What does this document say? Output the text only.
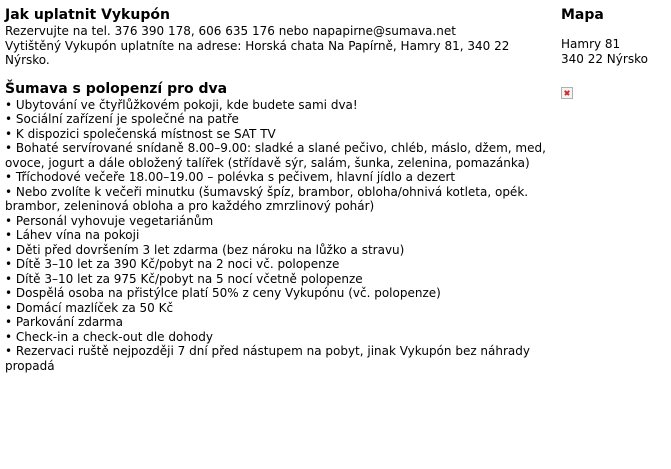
Jak uplatnit Vykupón

Rezervujte na tel. 376 390 178, 606 635 176 nebo napapirne@sumava.net

Vytištěný Vykupón uplatníte na adrese: Horská chata Na Papírně, Hamry 81, 340 22 Nýrsko.

Šumava s polopenzí pro dva
• Ubytování ve čtyřlůžkovém pokoji, kde budete sami dva!
• Sociální zařízení je společné na patře
• K dispozici společenská místnost se SAT TV
• Bohaté servírované snídaně 8.00–9.00: sladké a slané pečivo, chléb, máslo, džem, med, ovoce, jogurt a dále obložený talířek (střídavě sýr, salám, šunka, zelenina, pomazánka)
• Tříchodové večeře 18.00–19.00 – polévka s pečivem, hlavní jídlo a dezert
• Nebo zvolíte k večeři minutku (šumavský špíz, brambor, obloha/ohnivá kotleta, opék. brambor, zeleninová obloha a pro každého zmrzlinový pohár)
• Personál vyhovuje vegetariánům
• Láhev vína na pokoji
• Děti před dovršením 3 let zdarma (bez nároku na lůžko a stravu)
• Dítě 3–10 let za 390 Kč/pobyt na 2 noci vč. polopenze
• Dítě 3–10 let za 975 Kč/pobyt na 5 nocí včetně polopenze
• Dospělá osoba na přistýlce platí 50% z ceny Vykupónu (vč. polopenze)
• Domácí mazlíček za 50 Kč
• Parkování zdarma
• Check-in a check-out dle dohody
• Rezervaci ruště nejpozději 7 dní před nástupem na pobyt, jinak Vykupón bez náhrady propadá
Mapa

Hamry 81

340 22 Nýrsko
